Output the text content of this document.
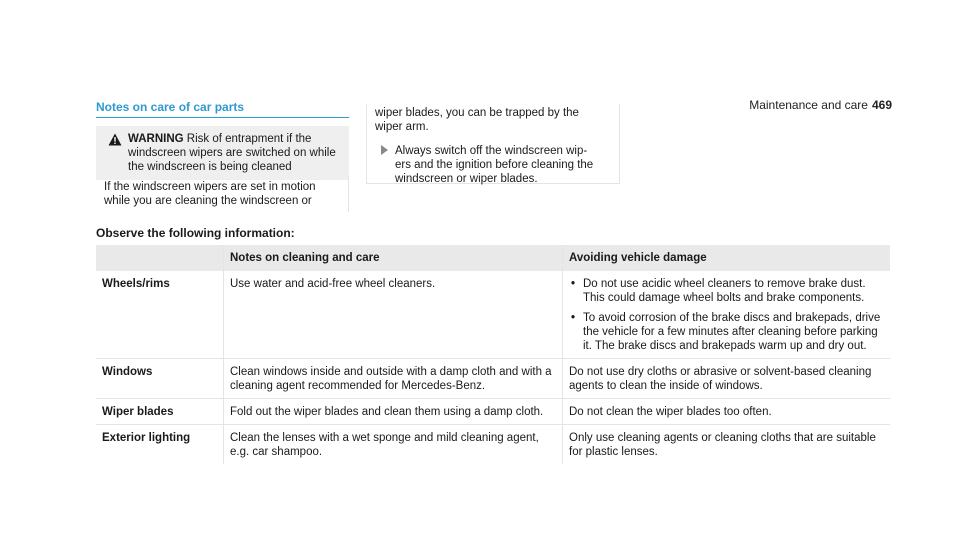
Maintenance and care 469
Notes on care of car parts
WARNING Risk of entrapment if the
windscreen wipers are switched on while
the windscreen is being cleaned
If the windscreen wipers are set in motion
while you are cleaning the windscreen or
wiper blades, you can be trapped by the
wiper arm.
Always switch off the windscreen wip-
ers and the ignition before cleaning the
windscreen or wiper blades.
Observe the following information:
	Notes on cleaning and care	Avoiding vehicle damage
Wheels/rims	Use water and acid-free wheel cleaners.	• Do not use acidic wheel cleaners to remove brake dust. This could damage wheel bolts and brake components.
• To avoid corrosion of the brake discs and brakepads, drive the vehicle for a few minutes after cleaning before parking it. The brake discs and brakepads warm up and dry out.

Windows	Clean windows inside and outside with a damp cloth and with a cleaning agent recommended for Mercedes-Benz.	Do not use dry cloths or abrasive or solvent-based cleaning agents to clean the inside of windows.
Wiper blades	Fold out the wiper blades and clean them using a damp cloth.	Do not clean the wiper blades too often.
Exterior lighting	Clean the lenses with a wet sponge and mild cleaning agent, e.g. car shampoo.	Only use cleaning agents or cleaning cloths that are suitable for plastic lenses.
